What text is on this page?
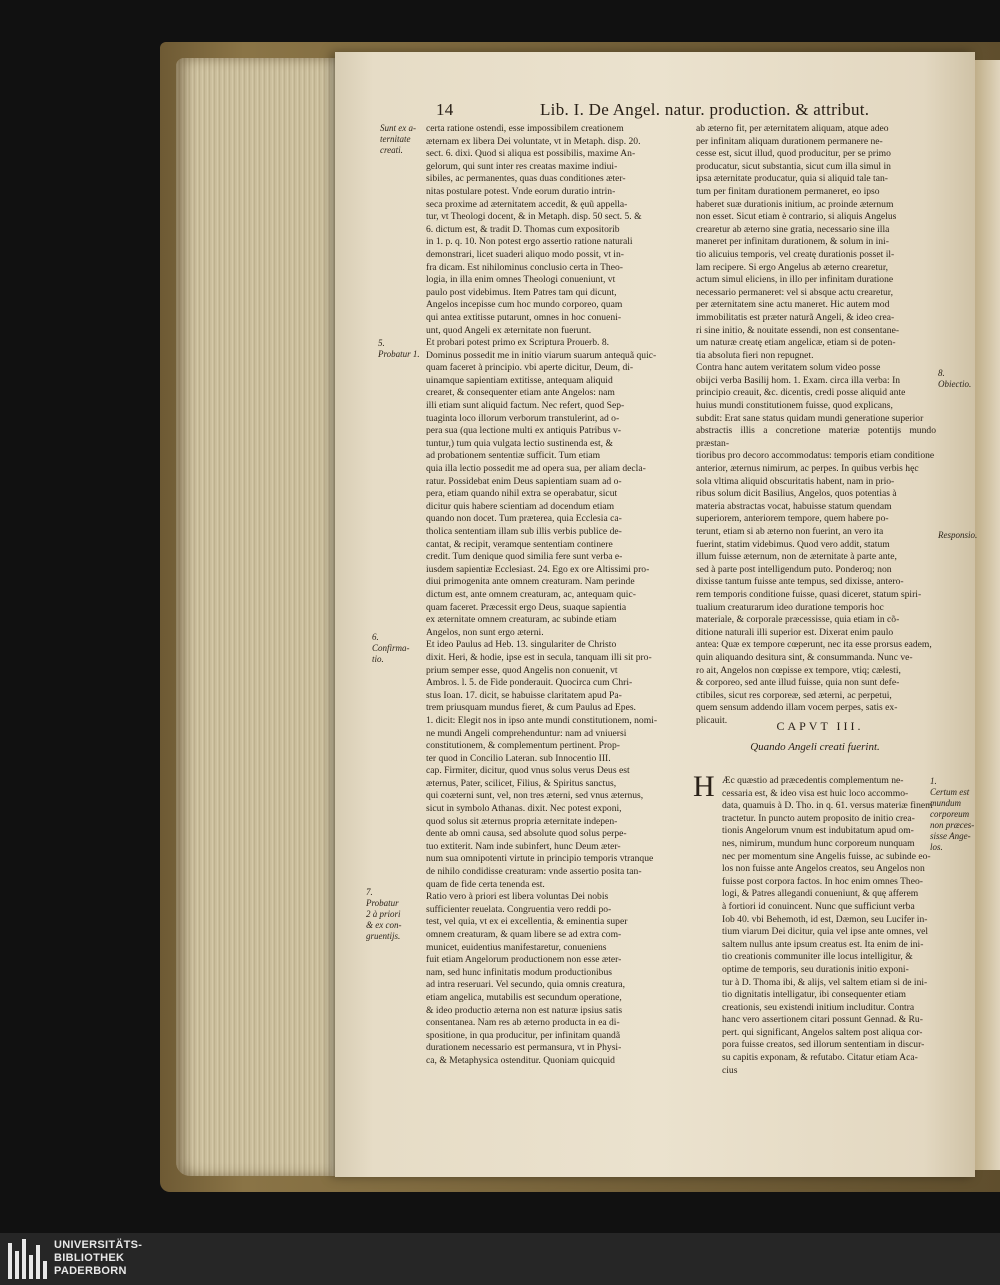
14	Lib. I. De Angel. natur. production. & attribut.

certa ratione ostendi, esse impossibilem creationem
æternam ex libera Dei voluntate, vt in Metaph. disp. 20.
sect. 6. dixi. Quod si aliqua est possibilis, maxime An-
gelorum, qui sunt inter res creatas maxime indiui-
sibiles, ac permanentes, quas duas conditiones æter-
nitas postulare potest. Vnde eorum duratio intrin-
seca proxime ad æternitatem accedit, & ęuũ appella-
tur, vt Theologi docent, & in Metaph. disp. 50 sect. 5. &
6. dictum est, & tradit D. Thomas cum expositorib
in 1. p. q. 10. Non potest ergo assertio ratione naturali
demonstrari, licet suaderi aliquo modo possit, vt in-
fra dicam. Est nihilominus conclusio certa in Theo-
logia, in illa enim omnes Theologi conueniunt, vt
paulo post videbimus. Item Patres tam qui dicunt,
Angelos incepisse cum hoc mundo corporeo, quam
qui antea extitisse putarunt, omnes in hoc conueni-
unt, quod Angeli ex æternitate non fuerunt.

Et probari potest primo ex Scriptura Prouerb. 8.
Dominus possedit me in initio viarum suarum antequã quic-
quam faceret à principio. vbi aperte dicitur, Deum, di-
uinamque sapientiam extitisse, antequam aliquid
crearet, & consequenter etiam ante Angelos: nam
illi etiam sunt aliquid factum. Nec refert, quod Sep-
tuaginta loco illorum verborum transtulerint, ad o-
pera sua (qua lectione multi ex antiquis Patribus v-
tuntur,) tum quia vulgata lectio sustinenda est, &
ad probationem sententiæ sufficit. Tum etiam
quia illa lectio possedit me ad opera sua, per aliam decla-
ratur. Possidebat enim Deus sapientiam suam ad o-
pera, etiam quando nihil extra se operabatur, sicut
dicitur quis habere scientiam ad docendum etiam
quando non docet. Tum præterea, quia Ecclesia ca-
tholica sententiam illam sub illis verbis publice de-
cantat, & recipit, veramque sententiam continere
credit. Tum denique quod similia fere sunt verba e-
iusdem sapientiæ Ecclesiast. 24. Ego ex ore Altissimi pro-
diui primogenita ante omnem creaturam. Nam perinde
dictum est, ante omnem creaturam, ac, antequam quic-
quam faceret. Præcessit ergo Deus, suaque sapientia
ex æternitate omnem creaturam, ac subinde etiam
Angelos, non sunt ergo æterni.

Et ideo Paulus ad Heb. 13. singulariter de Christo
dixit. Heri, & hodie, ipse est in secula, tanquam illi sit pro-
prium semper esse, quod Angelis non conuenit, vt
Ambros. l. 5. de Fide ponderauit. Quocirca cum Chri-
stus Ioan. 17. dicit, se habuisse claritatem apud Pa-
trem priusquam mundus fieret, & cum Paulus ad Epes.
1. dicit: Elegit nos in ipso ante mundi constitutionem, nomi-
ne mundi Angeli comprehenduntur: nam ad vniuersi
constitutionem, & complementum pertinent. Prop-
ter quod in Concilio Lateran. sub Innocentio III.
cap. Firmiter, dicitur, quod vnus solus verus Deus est
æternus, Pater, scilicet, Filius, & Spiritus sanctus,
qui coæterni sunt, vel, non tres æterni, sed vnus æternus,
sicut in symbolo Athanas. dixit. Nec potest exponi,
quod solus sit æternus propria æternitate indepen-
dente ab omni causa, sed absolute quod solus perpe-
tuo extiterit. Nam inde subinfert, hunc Deum æter-
num sua omnipotenti virtute in principio temporis vtranque
de nihilo condidisse creaturam: vnde assertio posita tan-
quam de fide certa tenenda est.

Ratio vero à priori est libera voluntas Dei nobis
sufficienter reuelata. Congruentia vero reddi po-
test, vel quia, vt ex ei excellentia, & eminentia super
omnem creaturam, & quam libere se ad extra com-
municet, euidentius manifestaretur, conueniens
fuit etiam Angelorum productionem non esse æter-
nam, sed hunc infinitatis modum productionibus
ad intra reseruari. Vel secundo, quia omnis creatura,
etiam angelica, mutabilis est secundum operatione,
& ideo productio æterna non est naturæ ipsius satis
consentanea. Nam res ab æterno producta in ea di-
spositione, in qua producitur, per infinitam quandã
durationem necessario est permansura, vt in Physi-
ca, & Metaphysica ostenditur. Quoniam quicquid

ab æterno fit, per æternitatem aliquam, atque adeo
per infinitam aliquam durationem permanere ne-
cesse est, sicut illud, quod producitur, per se primo
producatur, sicut substantia, sicut cum illa simul in
ipsa æternitate producatur, quia si aliquid tale tan-
tum per finitam durationem permaneret, eo ipso
haberet suæ durationis initium, ac proinde æternum
non esset. Sicut etiam è contrario, si aliquis Angelus
crearetur ab æterno sine gratia, necessario sine illa
maneret per infinitam durationem, & solum in ini-
tio alicuius temporis, vel creatę durationis posset il-
lam recipere. Si ergo Angelus ab æterno crearetur,
actum simul eliciens, in illo per infinitam duratione
necessario permaneret: vel si absque actu crearetur,
per æternitatem sine actu maneret. Hic autem mod
immobilitatis est præter naturã Angeli, & ideo crea-
ri sine initio, & nouitate essendi, non est consentane-
um naturæ creatę etiam angelicæ, etiam si de poten-
tia absoluta fieri non repugnet.

Contra hanc autem veritatem solum video posse
obijci verba Basilij hom. 1. Exam. circa illa verba: In
principio creauit, &c. dicentis, credi posse aliquid ante
huius mundi constitutionem fuisse, quod explicans,
subdit: Erat sane status quidam mundi generatione superior
abstractis illis a concretione materiæ potentijs mundo præstan-
tioribus pro decoro accommodatus: temporis etiam conditione
anterior, æternus nimirum, ac perpes. In quibus verbis hęc
sola vltima aliquid obscuritatis habent, nam in prio-
ribus solum dicit Basilius, Angelos, quos potentias à
materia abstractas vocat, habuisse statum quendam
superiorem, anteriorem tempore, quem habere po-
terunt, etiam si ab æterno non fuerint, an vero ita
fuerint, statim videbimus. Quod vero addit, statum
illum fuisse æternum, non de æternitate à parte ante,
sed à parte post intelligendum puto. Ponderoq; non
dixisse tantum fuisse ante tempus, sed dixisse, antero-
rem temporis conditione fuisse, quasi diceret, statum spiri-
tualium creaturarum ideo duratione temporis hoc
materiale, & corporale præcessisse, quia etiam in cõ-
ditione naturali illi superior est. Dixerat enim paulo
antea: Quæ ex tempore cœperunt, nec ita esse prorsus eadem,
quin aliquando desitura sint, & consummanda. Nunc ve-
ro ait, Angelos non cœpisse ex tempore, vtiq; cælesti,
& corporeo, sed ante illud fuisse, quia non sunt defe-
ctibiles, sicut res corporeæ, sed æterni, ac perpetui,
quem sensum addendo illam vocem perpes, satis ex-
plicauit.	CAPVT III.
Quando Angeli creati fuerint.
H Æc quæstio ad præcedentis complementum ne-
cessaria est, & ideo visa est huic loco accommo-
data, quamuis à D. Tho. in q. 61. versus materiæ finem
tractetur. In puncto autem proposito de initio crea-
tionis Angelorum vnum est indubitatum apud om-
nes, nimirum, mundum hunc corporeum nunquam
nec per momentum sine Angelis fuisse, ac subinde eo-
los non fuisse ante Angelos creatos, seu Angelos non
fuisse post corpora factos. In hoc enim omnes Theo-
logi, & Patres allegandi conueniunt, & quę afferem
à fortiori id conuincent. Nunc que sufficiunt verba
Iob 40. vbi Behemoth, id est, Dæmon, seu Lucifer in-
tium viarum Dei dicitur, quia vel ipse ante omnes, vel
saltem nullus ante ipsum creatus est. Ita enim de ini-
tio creationis communiter ille locus intelligitur, &
optime de temporis, seu durationis initio exponi-
tur à D. Thoma ibi, & alijs, vel saltem etiam si de ini-
tio dignitatis intelligatur, ibi consequenter etiam
creationis, seu existendi initium includitur. Contra
hanc vero assertionem citari possunt Gennad. & Ru-
pert. qui significant, Angelos saltem post aliqua cor-
pora fuisse creatos, sed illorum sententiam in discur-
su capitis exponam, & refutabo. Citatur etiam Aca-
cius

Sunt ex a-
ternitate
creati.
5.
Probatur 1.
6.
Confirma-
tio.
7.
Probatur
2 à priori
& ex con-
gruentijs.
8.
Obiectio.
Responsio.
1.
Certum est
mundum
corporeum
non præces-
sisse Ange-
los.
UNIVERSITÄTS-
BIBLIOTHEK
PADERBORN
